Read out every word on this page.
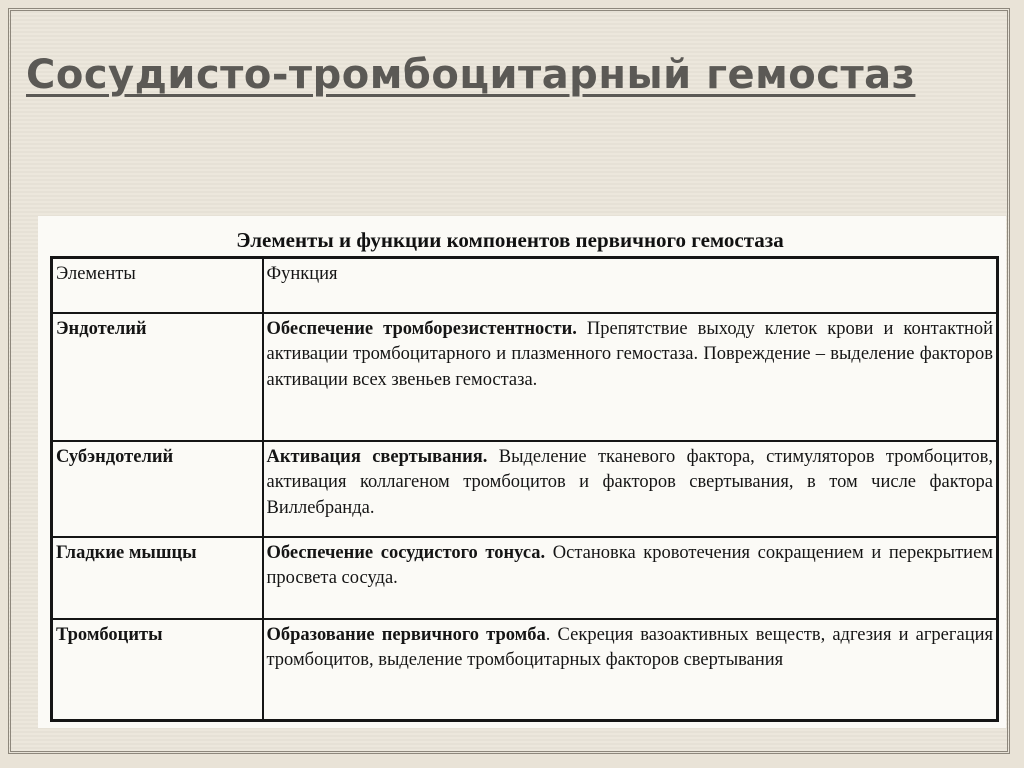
Сосудисто-тромбоцитарный гемостаз
Элементы и функции компонентов первичного гемостаза
Элементы	Функция
Эндотелий	Обеспечение тромборезистентности. Препятствие выходу клеток крови и контактной активации тромбоцитарного и плазменного гемостаза. Повреждение – выделение факторов активации всех звеньев гемостаза.
Субэндотелий	Активация свертывания. Выделение тканевого фактора, стимуляторов тромбоцитов, активация коллагеном тромбоцитов и факторов свертывания, в том числе фактора Виллебранда.
Гладкие мышцы	Обеспечение сосудистого тонуса. Остановка кровотечения сокращением и перекрытием просвета сосуда.
Тромбоциты	Образование первичного тромба. Секреция вазоактивных веществ, адгезия и агрегация тромбоцитов, выделение тромбоцитарных факторов свертывания
